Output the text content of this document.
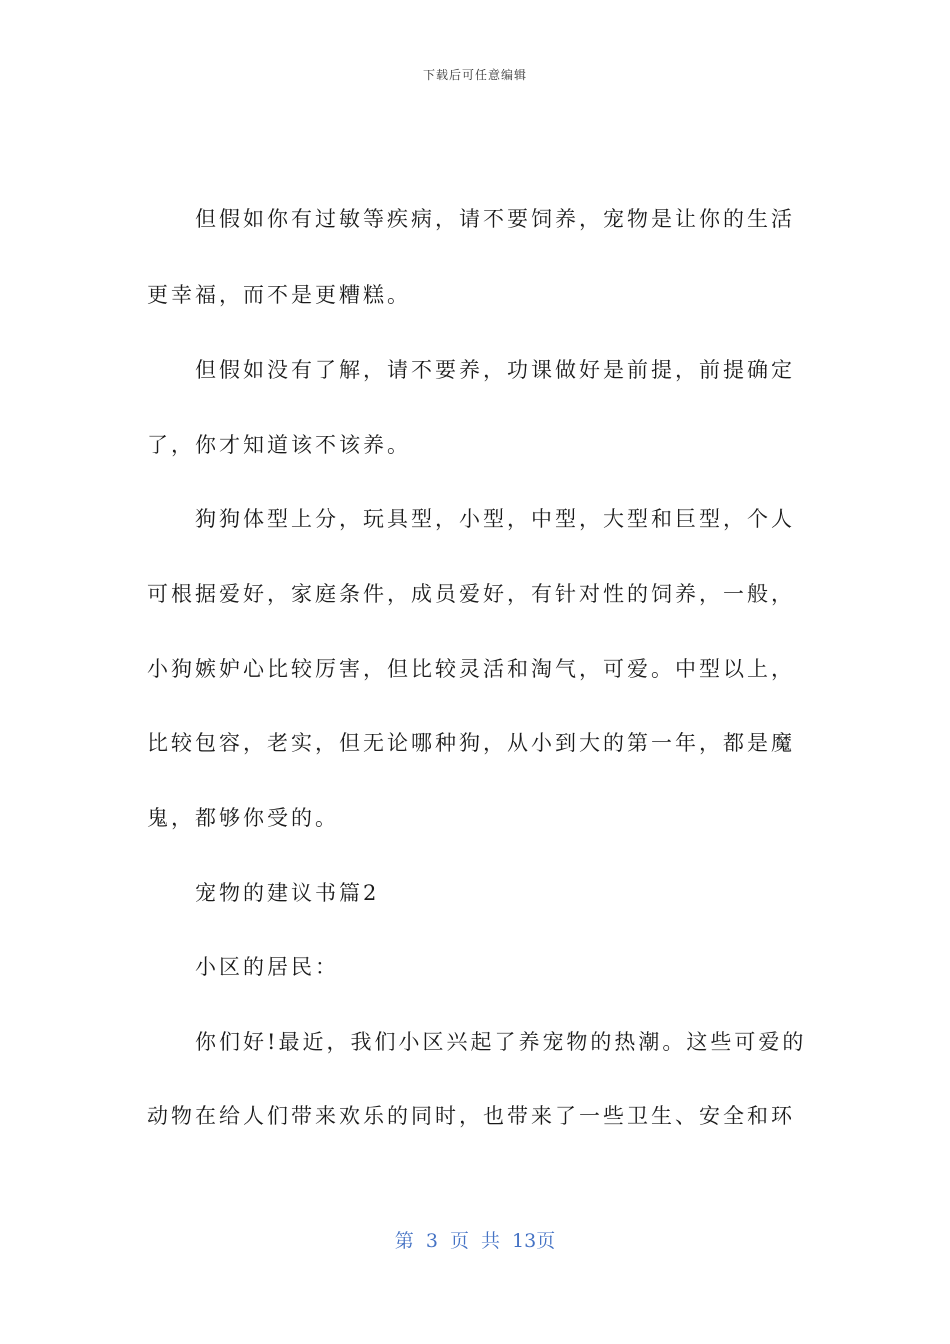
下载后可任意编辑
　　但假如你有过敏等疾病，请不要饲养，宠物是让你的生活
更幸福，而不是更糟糕。
　　但假如没有了解，请不要养，功课做好是前提，前提确定
了，你才知道该不该养。
　　狗狗体型上分，玩具型，小型，中型，大型和巨型，个人
可根据爱好，家庭条件，成员爱好，有针对性的饲养，一般，
小狗嫉妒心比较厉害，但比较灵活和淘气，可爱。中型以上，
比较包容，老实，但无论哪种狗，从小到大的第一年，都是魔
鬼，都够你受的。
　　宠物的建议书篇2
　　小区的居民：
　　你们好!最近，我们小区兴起了养宠物的热潮。这些可爱的
动物在给人们带来欢乐的同时，也带来了一些卫生、安全和环
第 3 页 共 13页
